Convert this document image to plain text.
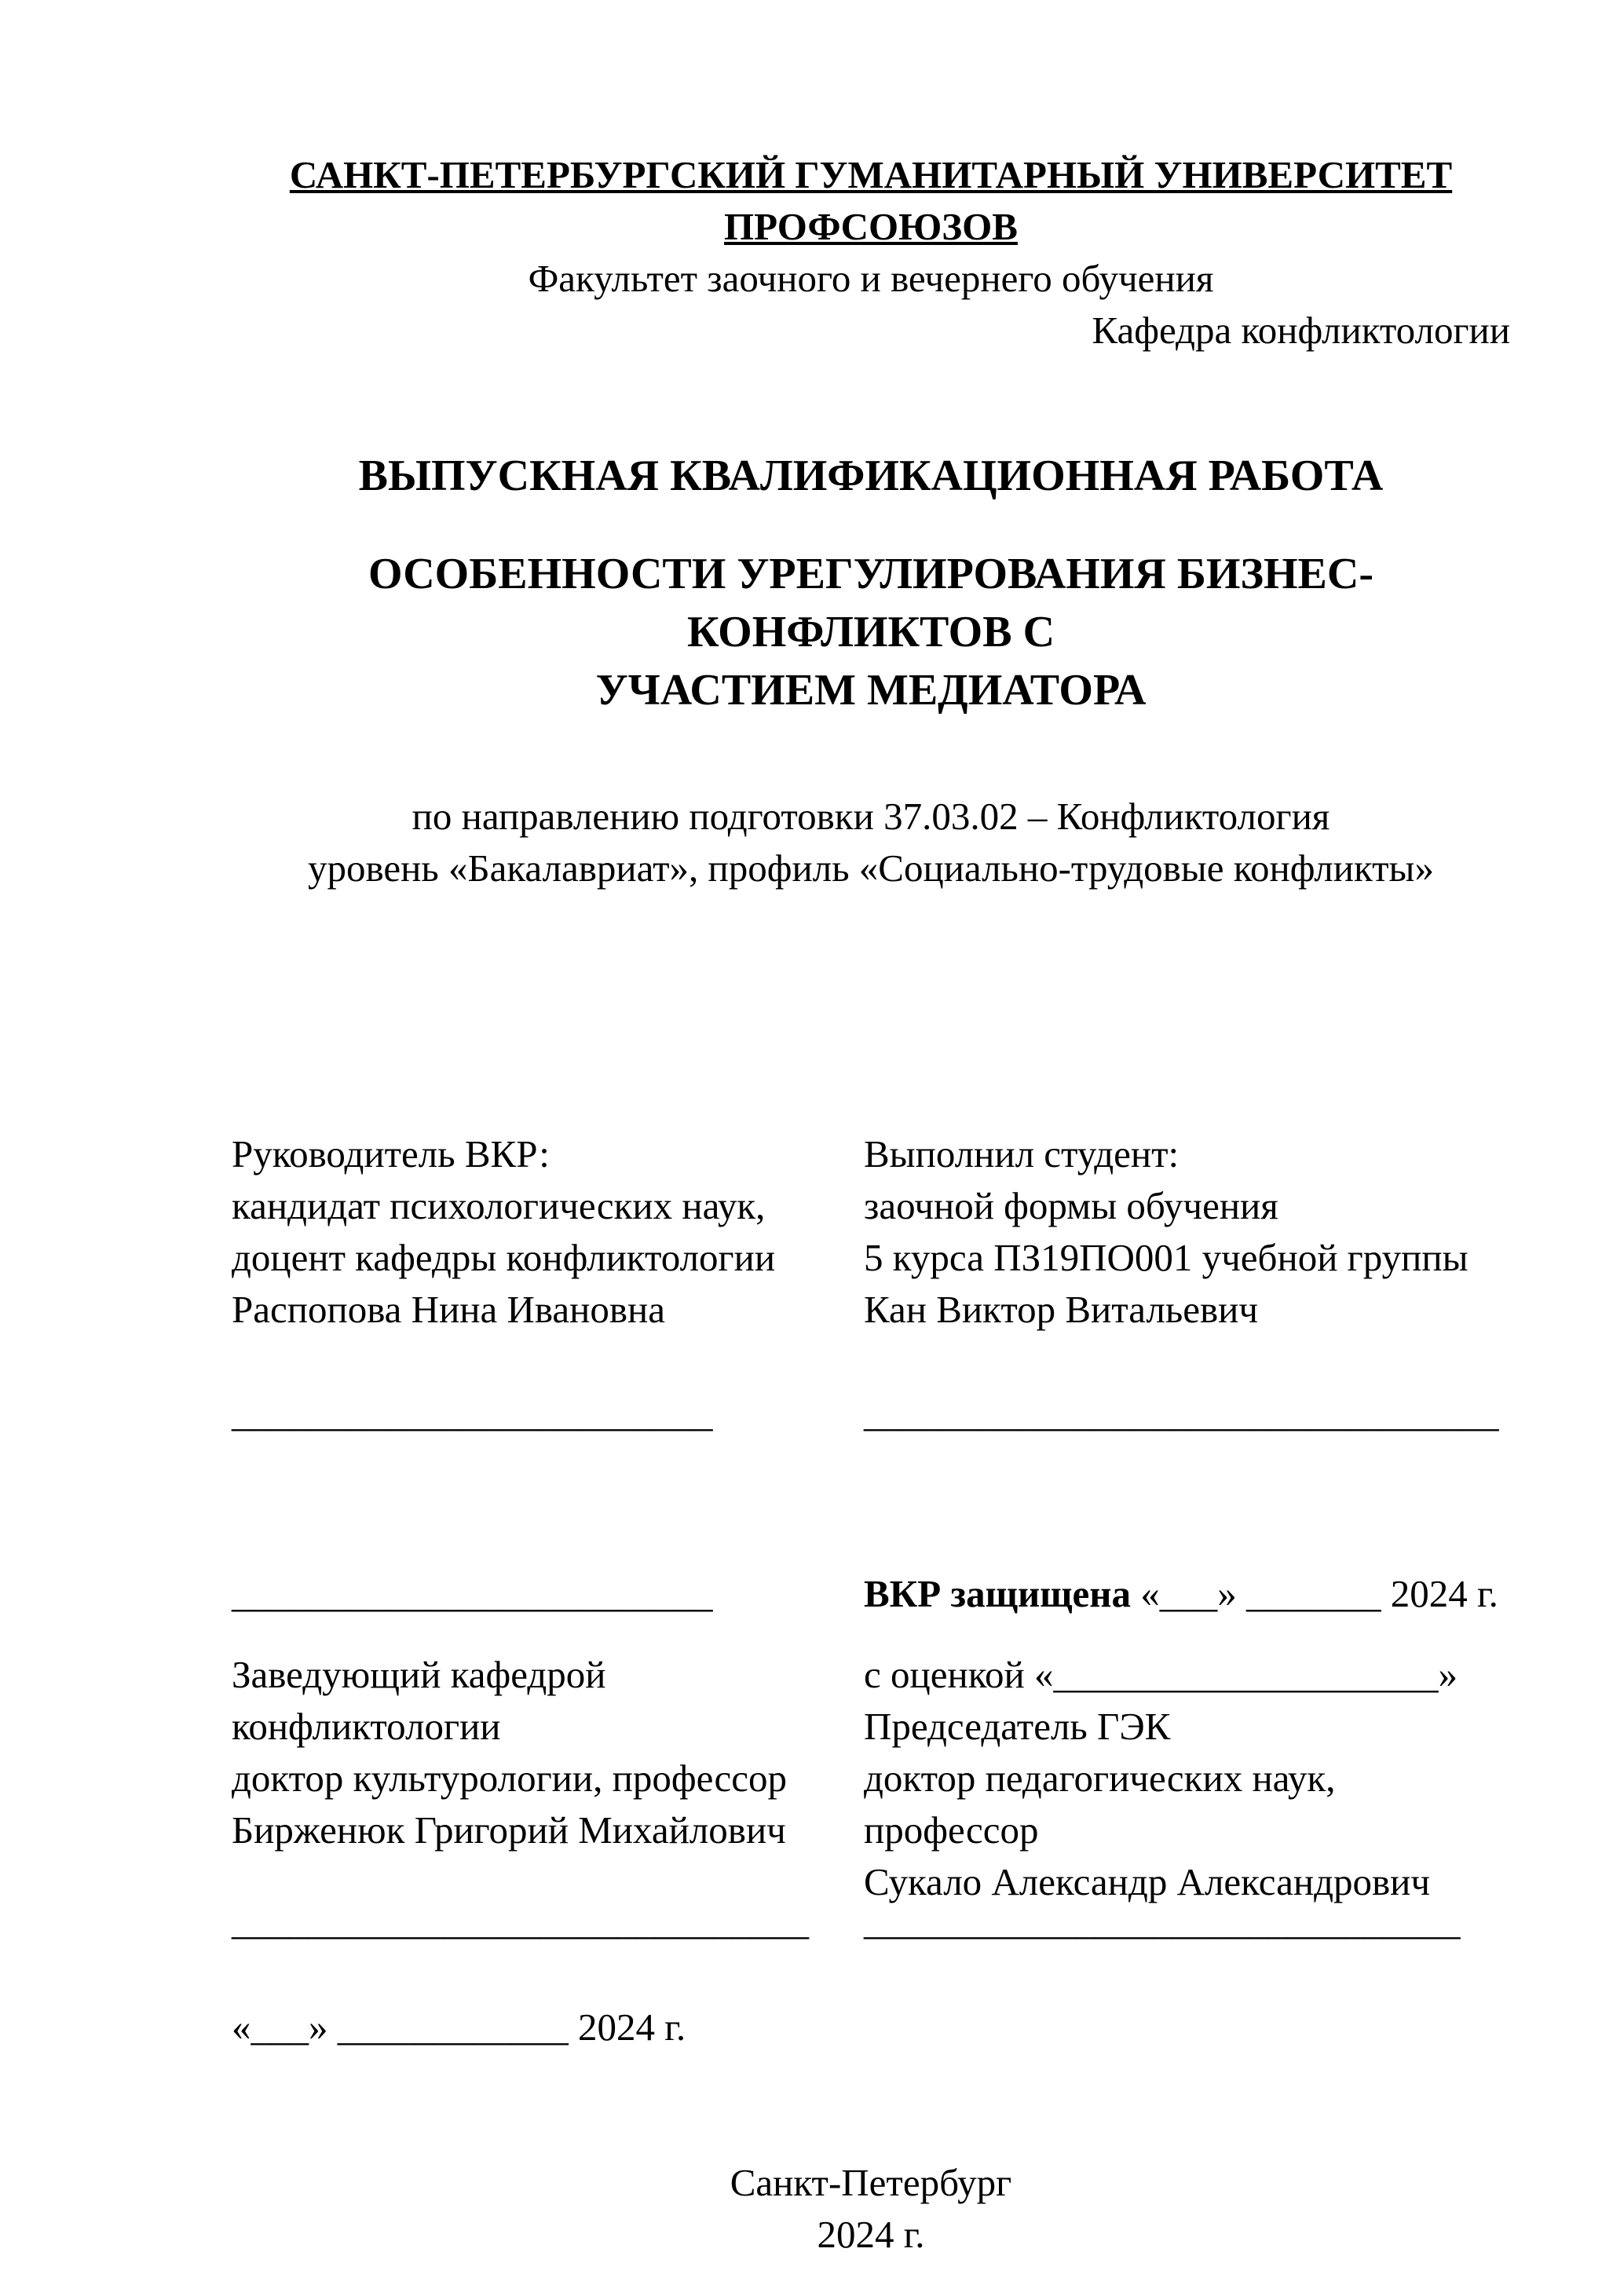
САНКТ-ПЕТЕРБУРГСКИЙ ГУМАНИТАРНЫЙ УНИВЕРСИТЕТ ПРОФСОЮЗОВ
Факультет заочного и вечернего обучения
Кафедра конфликтологии
ВЫПУСКНАЯ КВАЛИФИКАЦИОННАЯ РАБОТА
ОСОБЕННОСТИ УРЕГУЛИРОВАНИЯ БИЗНЕС-КОНФЛИКТОВ С
УЧАСТИЕМ МЕДИАТОРА
по направлению подготовки 37.03.02 – Конфликтология
уровень «Бакалавриат», профиль «Социально-трудовые конфликты»
Руководитель ВКР:
кандидат психологических наук,
доцент кафедры конфликтологии
Распопова Нина Ивановна
_________________________
_________________________
Заведующий кафедрой
конфликтологии
доктор культурологии, профессор
Бирженюк Григорий Михайлович
______________________________
«___» ____________ 2024 г.
Выполнил студент:
заочной формы обучения
5 курса ПЗ19ПО001 учебной группы
Кан Виктор Витальевич
_________________________________
ВКР защищена «___» _______ 2024 г.
с оценкой «____________________»
Председатель ГЭК
доктор педагогических наук,
профессор
Сукало Александр Александрович
_______________________________
Санкт-Петербург
2024 г.
